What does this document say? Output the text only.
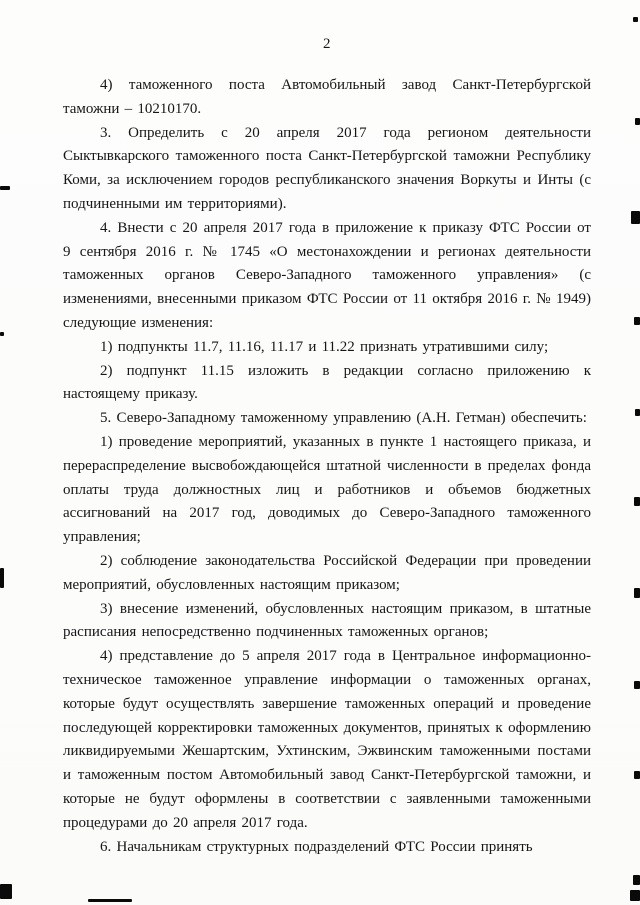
2

4) таможенного поста Автомобильный завод Санкт-Петербургской таможни – 10210170.

3. Определить с 20 апреля 2017 года регионом деятельности Сыктывкарского таможенного поста Санкт-Петербургской таможни Республику Коми, за исключением городов республиканского значения Воркуты и Инты (с подчиненными им территориями).

4. Внести с 20 апреля 2017 года в приложение к приказу ФТС России от 9 сентября 2016 г. № 1745 «О местонахождении и регионах деятельности таможенных органов Северо-Западного таможенного управления» (с изменениями, внесенными приказом ФТС России от 11 октября 2016 г. № 1949) следующие изменения:

1) подпункты 11.7, 11.16, 11.17 и 11.22 признать утратившими силу;

2) подпункт 11.15 изложить в редакции согласно приложению к настоящему приказу.

5. Северо-Западному таможенному управлению (А.Н. Гетман) обеспечить:

1) проведение мероприятий, указанных в пункте 1 настоящего приказа, и перераспределение высвобождающейся штатной численности в пределах фонда оплаты труда должностных лиц и работников и объемов бюджетных ассигнований на 2017 год, доводимых до Северо-Западного таможенного управления;

2) соблюдение законодательства Российской Федерации при проведении мероприятий, обусловленных настоящим приказом;

3) внесение изменений, обусловленных настоящим приказом, в штатные расписания непосредственно подчиненных таможенных органов;

4) представление до 5 апреля 2017 года в Центральное информационно-техническое таможенное управление информации о таможенных органах, которые будут осуществлять завершение таможенных операций и проведение последующей корректировки таможенных документов, принятых к оформлению ликвидируемыми Жешартским, Ухтинским, Эжвинским таможенными постами и таможенным постом Автомобильный завод Санкт-Петербургской таможни, и которые не будут оформлены в соответствии с заявленными таможенными процедурами до 20 апреля 2017 года.

6. Начальникам структурных подразделений ФТС России принять
